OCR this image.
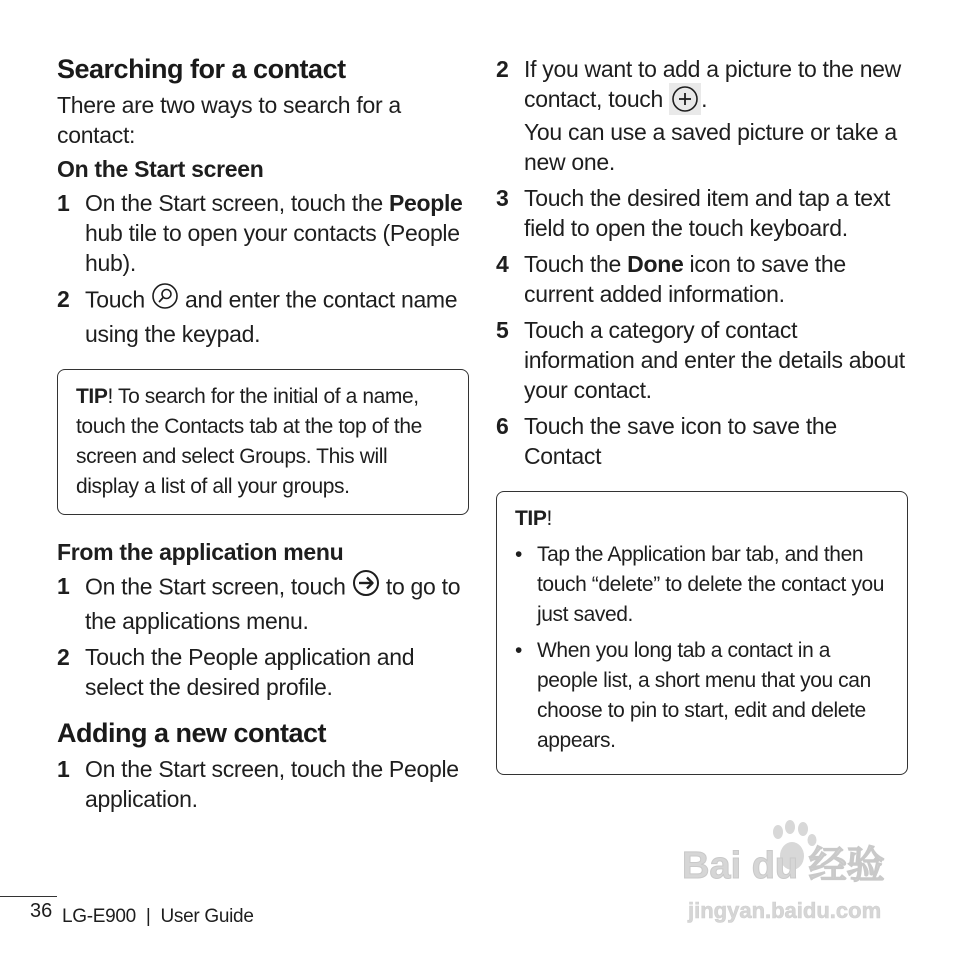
Searching for a contact

There are two ways to search for a contact:

On the Start screen
1 On the Start screen, touch the People hub tile to open your contacts (People hub).
2 Touch  and enter the contact name using the keypad.
TIP! To search for the initial of a name, touch the Contacts tab at the top of the screen and select Groups. This will display a list of all your groups.
From the application menu
1 On the Start screen, touch  to go to the applications menu.
2 Touch the People application and select the desired profile.
Adding a new contact
1 On the Start screen, touch the People application.
2 If you want to add a picture to the new contact, touch .
You can use a saved picture or take a new one.
3 Touch the desired item and tap a text field to open the touch keyboard.
4 Touch the Done icon to save the current added information.
5 Touch a category of contact information and enter the details about your contact.
6 Touch the save icon to save the Contact
TIP!
• Tap the Application bar tab, and then touch “delete” to delete the contact you just saved.
• When you long tab a contact in a people list, a short menu that you can choose to pin to start, edit and delete appears.
36 LG-E900  |  User Guide
Bai du 经验
jingyan.baidu.com
